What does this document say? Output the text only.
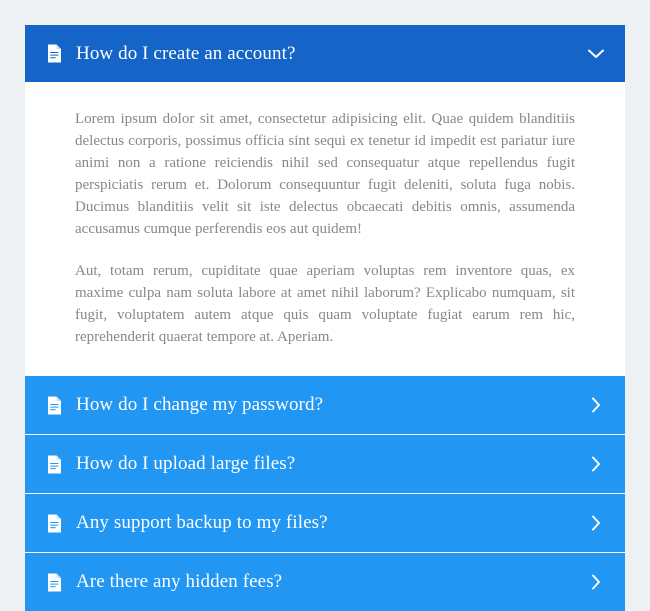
How do I create an account?

Lorem ipsum dolor sit amet, consectetur adipisicing elit. Quae quidem blanditiis delectus corporis, possimus officia sint sequi ex tenetur id impedit est pariatur iure animi non a ratione reiciendis nihil sed consequatur atque repellendus fugit perspiciatis rerum et. Dolorum consequuntur fugit deleniti, soluta fuga nobis. Ducimus blanditiis velit sit iste delectus obcaecati debitis omnis, assumenda accusamus cumque perferendis eos aut quidem!

Aut, totam rerum, cupiditate quae aperiam voluptas rem inventore quas, ex maxime culpa nam soluta labore at amet nihil laborum? Explicabo numquam, sit fugit, voluptatem autem atque quis quam voluptate fugiat earum rem hic, reprehenderit quaerat tempore at. Aperiam.

How do I change my password?
How do I upload large files?
Any support backup to my files?
Are there any hidden fees?
